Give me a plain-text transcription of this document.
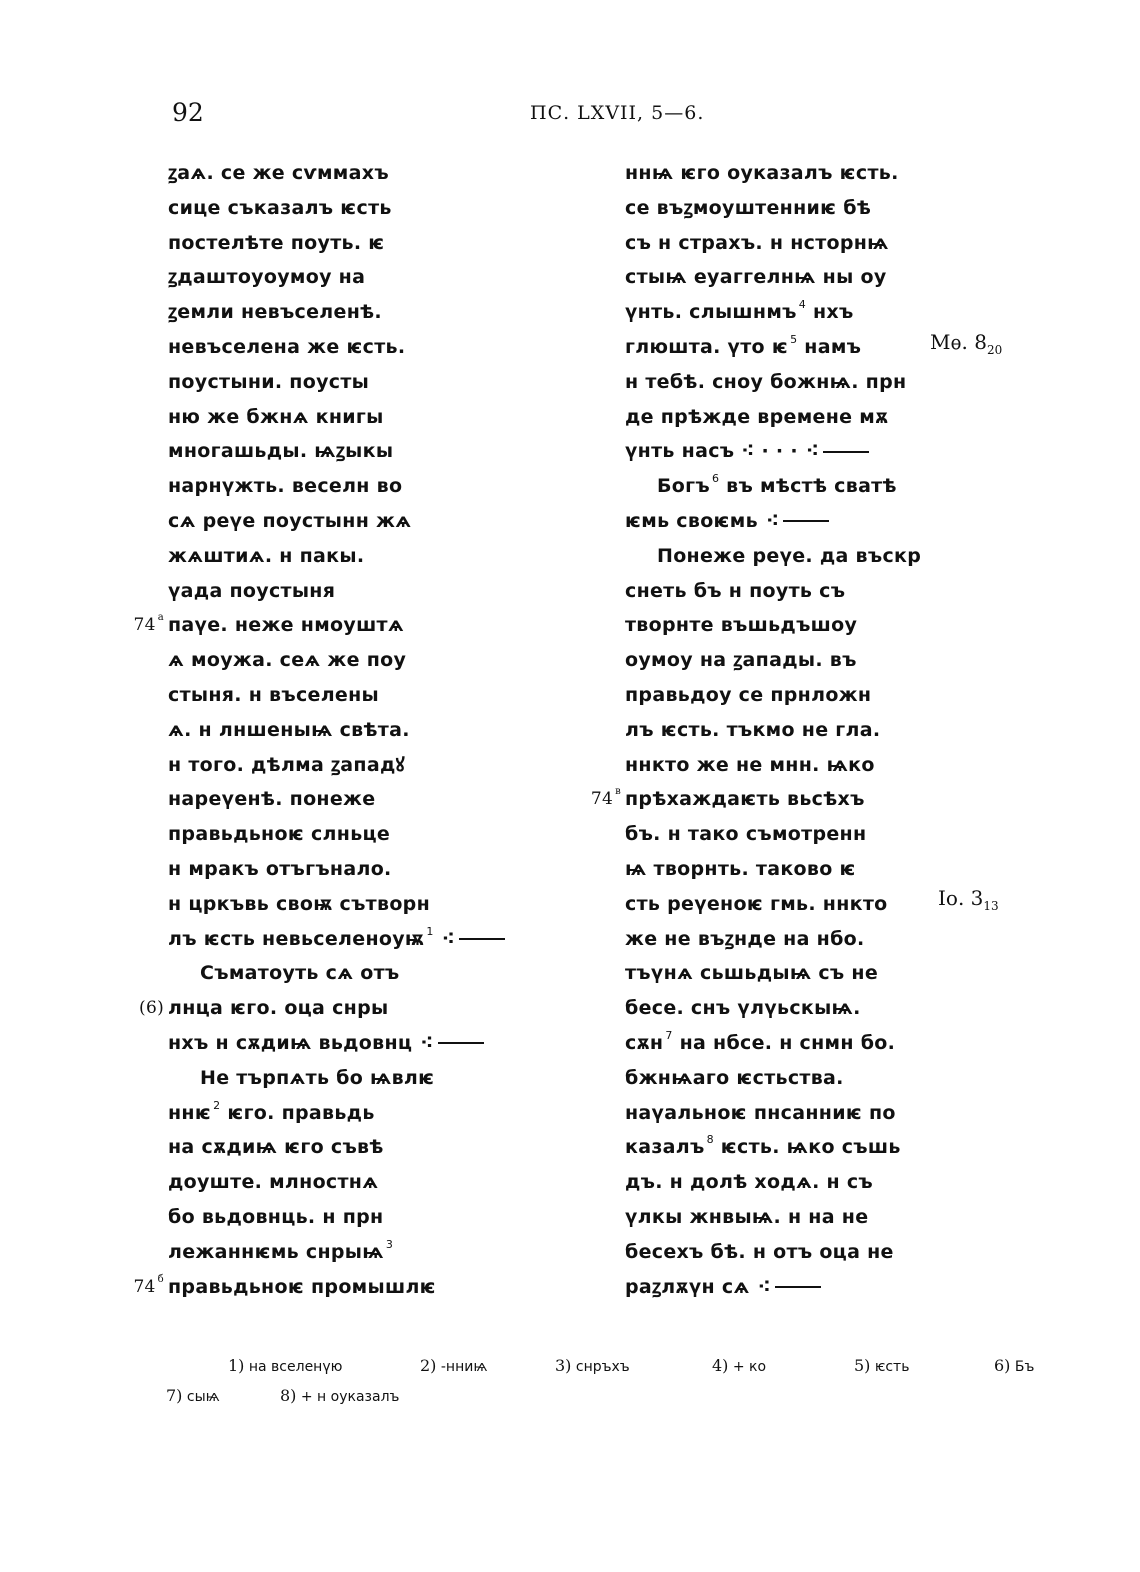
92	ПС. LXVII, 5—6.
ꙁаѧ. се же сѵммахъ
сице съказалъ ѥсть
постелѣте поуть. ѥ
ꙁдаштоуоумоу на
ꙁемли невъселенѣ.
невъселена же ѥсть.
поустыни. поусты
ню же бжнѧ книгы
многашьды. ѩꙁыкы
нарнүжть. веселн во
сѧ реүе поустынн жѧ
жѧштиѧ. н пакы.
үада поустыня
74 $^а$ паүе. неже нмоуштѧ
ѧ моужа. сеѧ же поу
стыня. н въселены
ѧ. н лншеныѩ свѣта.
н того. дѣлма ꙁападꙋ
нареүенѣ. понеже
правьдьноѥ слньце
н мракъ отъгънало.
н цркъвь своѭ сътворн
лъ ѥсть невьселеноуѭ $^1$ ⁖
Съматоуть сѧ отъ
(6) лнца ѥго. оца снры
нхъ н сѫдиѩ вьдовнц ⁖
Не търпѧть бо ѩвлѥ
ннѥ $^2$ ѥго. правьдь
на сѫдиѩ ѥго съвѣ
доуште. млностнѧ
бо вьдовнць. н прн
лежаннѥмь снрыѩ $^3$
74 $^б$ правьдьноѥ промышлѥ
ннѩ ѥго оуказалъ ѥсть.
се въꙁмоуштенниѥ бѣ
съ н страхъ. н нсторнѩ
стыѩ еуаггелнѩ ны оу
үнть. слышнмъ $^4$ нхъ
глюшта. үто ѥ $^5$ намъ
н тебѣ. сноу божнѩ. прн
де прѣжде времене мѫ
үнть насъ ⁖ · · · ⁖
Богъ $^6$ въ мѣстѣ сватѣ
ѥмь своѥмь ⁖
Понеже реүе. да въскр
снеть бъ н поуть съ
творнте въшьдъшоу
оумоу на ꙁапады. въ
правьдоу се прнложн
лъ ѥсть. тъкмо не гла.
ннкто же не мнн. ѩко
74 $^в$ прѣхаждаѥть вьсѣхъ
бъ. н тако съмотренн
ѩ творнть. таково ѥ
сть реүеноѥ гмь. ннкто
же не въꙁнде на нбо.
тъүнѧ сьшьдыѩ съ не
бесе. снъ үлүьскыѩ.
сѫн $^7$ на нбсе. н снмн бо.
бжнѩаго ѥстьства.
наүальноѥ пнсанниѥ по
казалъ $^8$ ѥсть. ѩко съшь
дъ. н долѣ ходѧ. н съ
үлкы жнвыѩ. н на не
бесехъ бѣ. н отъ оца не
раꙁлѫүн сѧ ⁖
Мѳ. $8_{20}$
Іо. $3_{13}$
1) на вселенүю	2) -нниѩ	3) снръхъ	4) + ко	5) ѥсть	6) Бъ
7) сыѩ	8) + н оуказалъ
